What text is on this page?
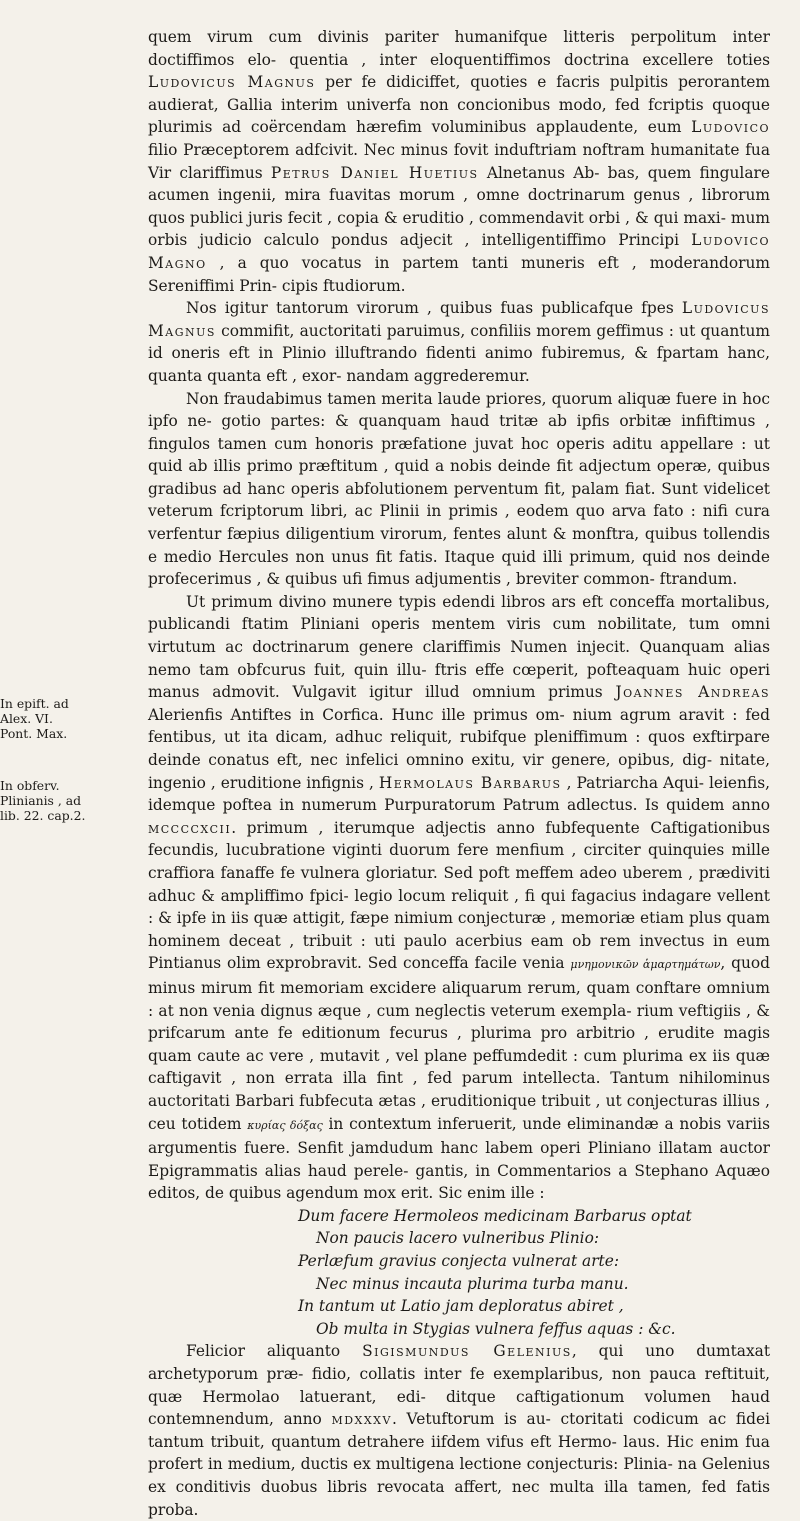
quem virum cum divinis pariter humanifque litteris perpolitum inter doctiffimos elo- quentia , inter eloquentiffimos doctrina excellere toties Ludovicus Magnus per fe didiciffet, quoties e facris pulpitis perorantem audierat, Gallia interim univerfa non concionibus modo, fed fcriptis quoque plurimis ad coërcendam hærefim voluminibus applaudente, eum Ludovico filio Præceptorem adfcivit. Nec minus fovit induftriam noftram humanitate fua Vir clariffimus Petrus Daniel Huetius Alnetanus Ab- bas, quem fingulare acumen ingenii, mira fuavitas morum , omne doctrinarum genus , librorum quos publici juris fecit , copia & eruditio , commendavit orbi , & qui maxi- mum orbis judicio calculo pondus adjecit , intelligentiffimo Principi Ludovico Magno , a quo vocatus in partem tanti muneris eft , moderandorum Sereniffimi Prin- cipis ftudiorum.

Nos igitur tantorum virorum , quibus fuas publicafque fpes Ludovicus Magnus commifit, auctoritati paruimus, confiliis morem geffimus : ut quantum id oneris eft in Plinio illuftrando fidenti animo fubiremus, & fpartam hanc, quanta quanta eft , exor- nandam aggrederemur.

Non fraudabimus tamen merita laude priores, quorum aliquæ fuere in hoc ipfo ne- gotio partes: & quanquam haud tritæ ab ipfis orbitæ infiftimus , fingulos tamen cum honoris præfatione juvat hoc operis aditu appellare : ut quid ab illis primo præftitum , quid a nobis deinde fit adjectum operæ, quibus gradibus ad hanc operis abfolutionem perventum fit, palam fiat. Sunt videlicet veterum fcriptorum libri, ac Plinii in primis , eodem quo arva fato : nifi cura verfentur fæpius diligentium virorum, fentes alunt & monftra, quibus tollendis e medio Hercules non unus fit fatis. Itaque quid illi primum, quid nos deinde profecerimus , & quibus ufi fimus adjumentis , breviter common- ftrandum.

Ut primum divino munere typis edendi libros ars eft conceffa mortalibus, publicandi ftatim Pliniani operis mentem viris cum nobilitate, tum omni virtutum ac doctrinarum genere clariffimis Numen injecit. Quanquam alias nemo tam obfcurus fuit, quin illu- ftris effe cœperit, pofteaquam huic operi manus admovit. Vulgavit igitur illud omnium primus Joannes Andreas Alerienfis Antiftes in Corfica. Hunc ille primus om- nium agrum aravit : fed fentibus, ut ita dicam, adhuc reliquit, rubifque pleniffimum : quos exftirpare deinde conatus eft, nec infelici omnino exitu, vir genere, opibus, dig- nitate, ingenio , eruditione infignis , Hermolaus Barbarus , Patriarcha Aqui- leienfis, idemque poftea in numerum Purpuratorum Patrum adlectus. Is quidem anno mccccxcii. primum , iterumque adjectis anno fubfequente Caftigationibus fecundis, lucubratione viginti duorum fere menfium , circiter quinquies mille craffiora fanaffe fe vulnera gloriatur. Sed poft meffem adeo uberem , prædiviti adhuc & ampliffimo fpici- legio locum reliquit , fi qui fagacius indagare vellent : & ipfe in iis quæ attigit, fæpe nimium conjecturæ , memoriæ etiam plus quam hominem deceat , tribuit : uti paulo acerbius eam ob rem invectus in eum Pintianus olim exprobravit. Sed conceffa facile venia μνημονικῶν ἁμαρτημάτων, quod minus mirum fit memoriam excidere aliquarum rerum, quam conftare omnium : at non venia dignus æque , cum neglectis veterum exempla- rium veftigiis , & prifcarum ante fe editionum fecurus , plurima pro arbitrio , erudite magis quam caute ac vere , mutavit , vel plane peffumdedit : cum plurima ex iis quæ caftigavit , non errata illa fint , fed parum intellecta. Tantum nihilominus auctoritati Barbari fubfecuta ætas , eruditionique tribuit , ut conjecturas illius , ceu totidem κυρίας δόξας in contextum inferuerit, unde eliminandæ a nobis variis argumentis fuere. Senfit jamdudum hanc labem operi Pliniano illatam auctor Epigrammatis alias haud perele- gantis, in Commentarios a Stephano Aquæo editos, de quibus agendum mox erit. Sic enim ille :

Dum facere Hermoleos medicinam Barbarus optat
Non paucis lacero vulneribus Plinio:
Perlæfum gravius conjecta vulnerat arte:
Nec minus incauta plurima turba manu.
In tantum ut Latio jam deploratus abiret ,
Ob multa in Stygias vulnera feffus aquas : &c.

Felicior aliquanto Sigismundus Gelenius, qui uno dumtaxat archetyporum præ- fidio, collatis inter fe exemplaribus, non pauca reftituit, quæ Hermolao latuerant, edi- ditque caftigationum volumen haud contemnendum, anno mdxxxv. Vetuftorum is au- ctoritati codicum ac fidei tantum tribuit, quantum detrahere iifdem vifus eft Hermo- laus. Hic enim fua profert in medium, ductis ex multigena lectione conjecturis: Plinia- na Gelenius ex conditivis duobus libris revocata affert, nec multa illa tamen, fed fatis proba.

In epift. ad
Alex. VI.
Pont. Max.
In obferv.
Plinianis , ad
lib. 22. cap.2.
